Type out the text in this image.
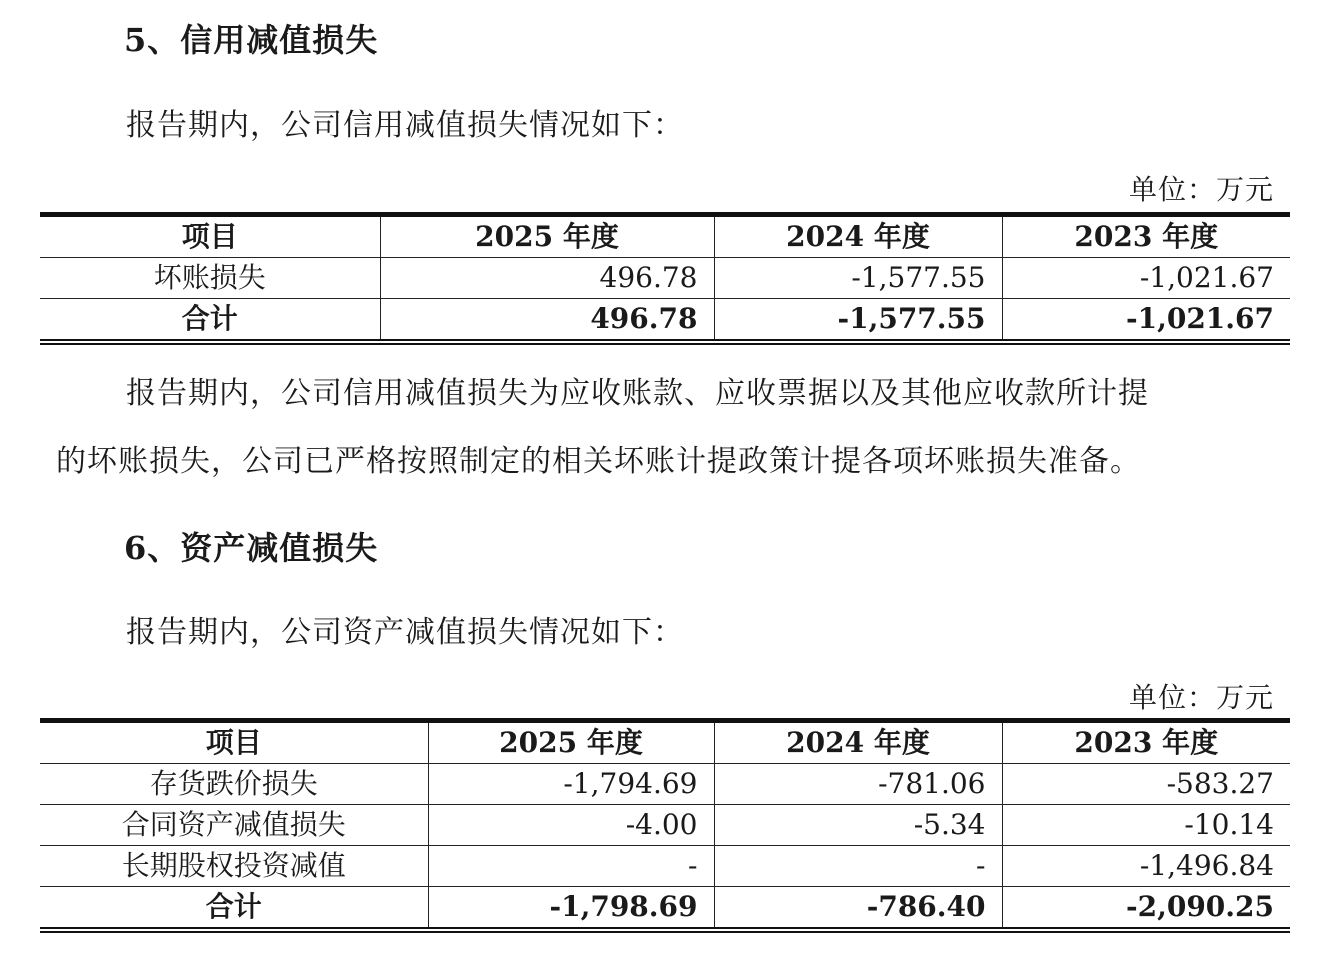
5、信用减值损失
报告期内，公司信用减值损失情况如下：
单位：万元
项目	2025 年度	2024 年度	2023 年度
坏账损失	496.78	-1,577.55	-1,021.67
合计	496.78	-1,577.55	-1,021.67
报告期内，公司信用减值损失为应收账款、应收票据以及其他应收款所计提
的坏账损失，公司已严格按照制定的相关坏账计提政策计提各项坏账损失准备。
6、资产减值损失
报告期内，公司资产减值损失情况如下：
单位：万元
项目	2025 年度	2024 年度	2023 年度
存货跌价损失	-1,794.69	-781.06	-583.27
合同资产减值损失	-4.00	-5.34	-10.14
长期股权投资减值	-	-	-1,496.84
合计	-1,798.69	-786.40	-2,090.25
